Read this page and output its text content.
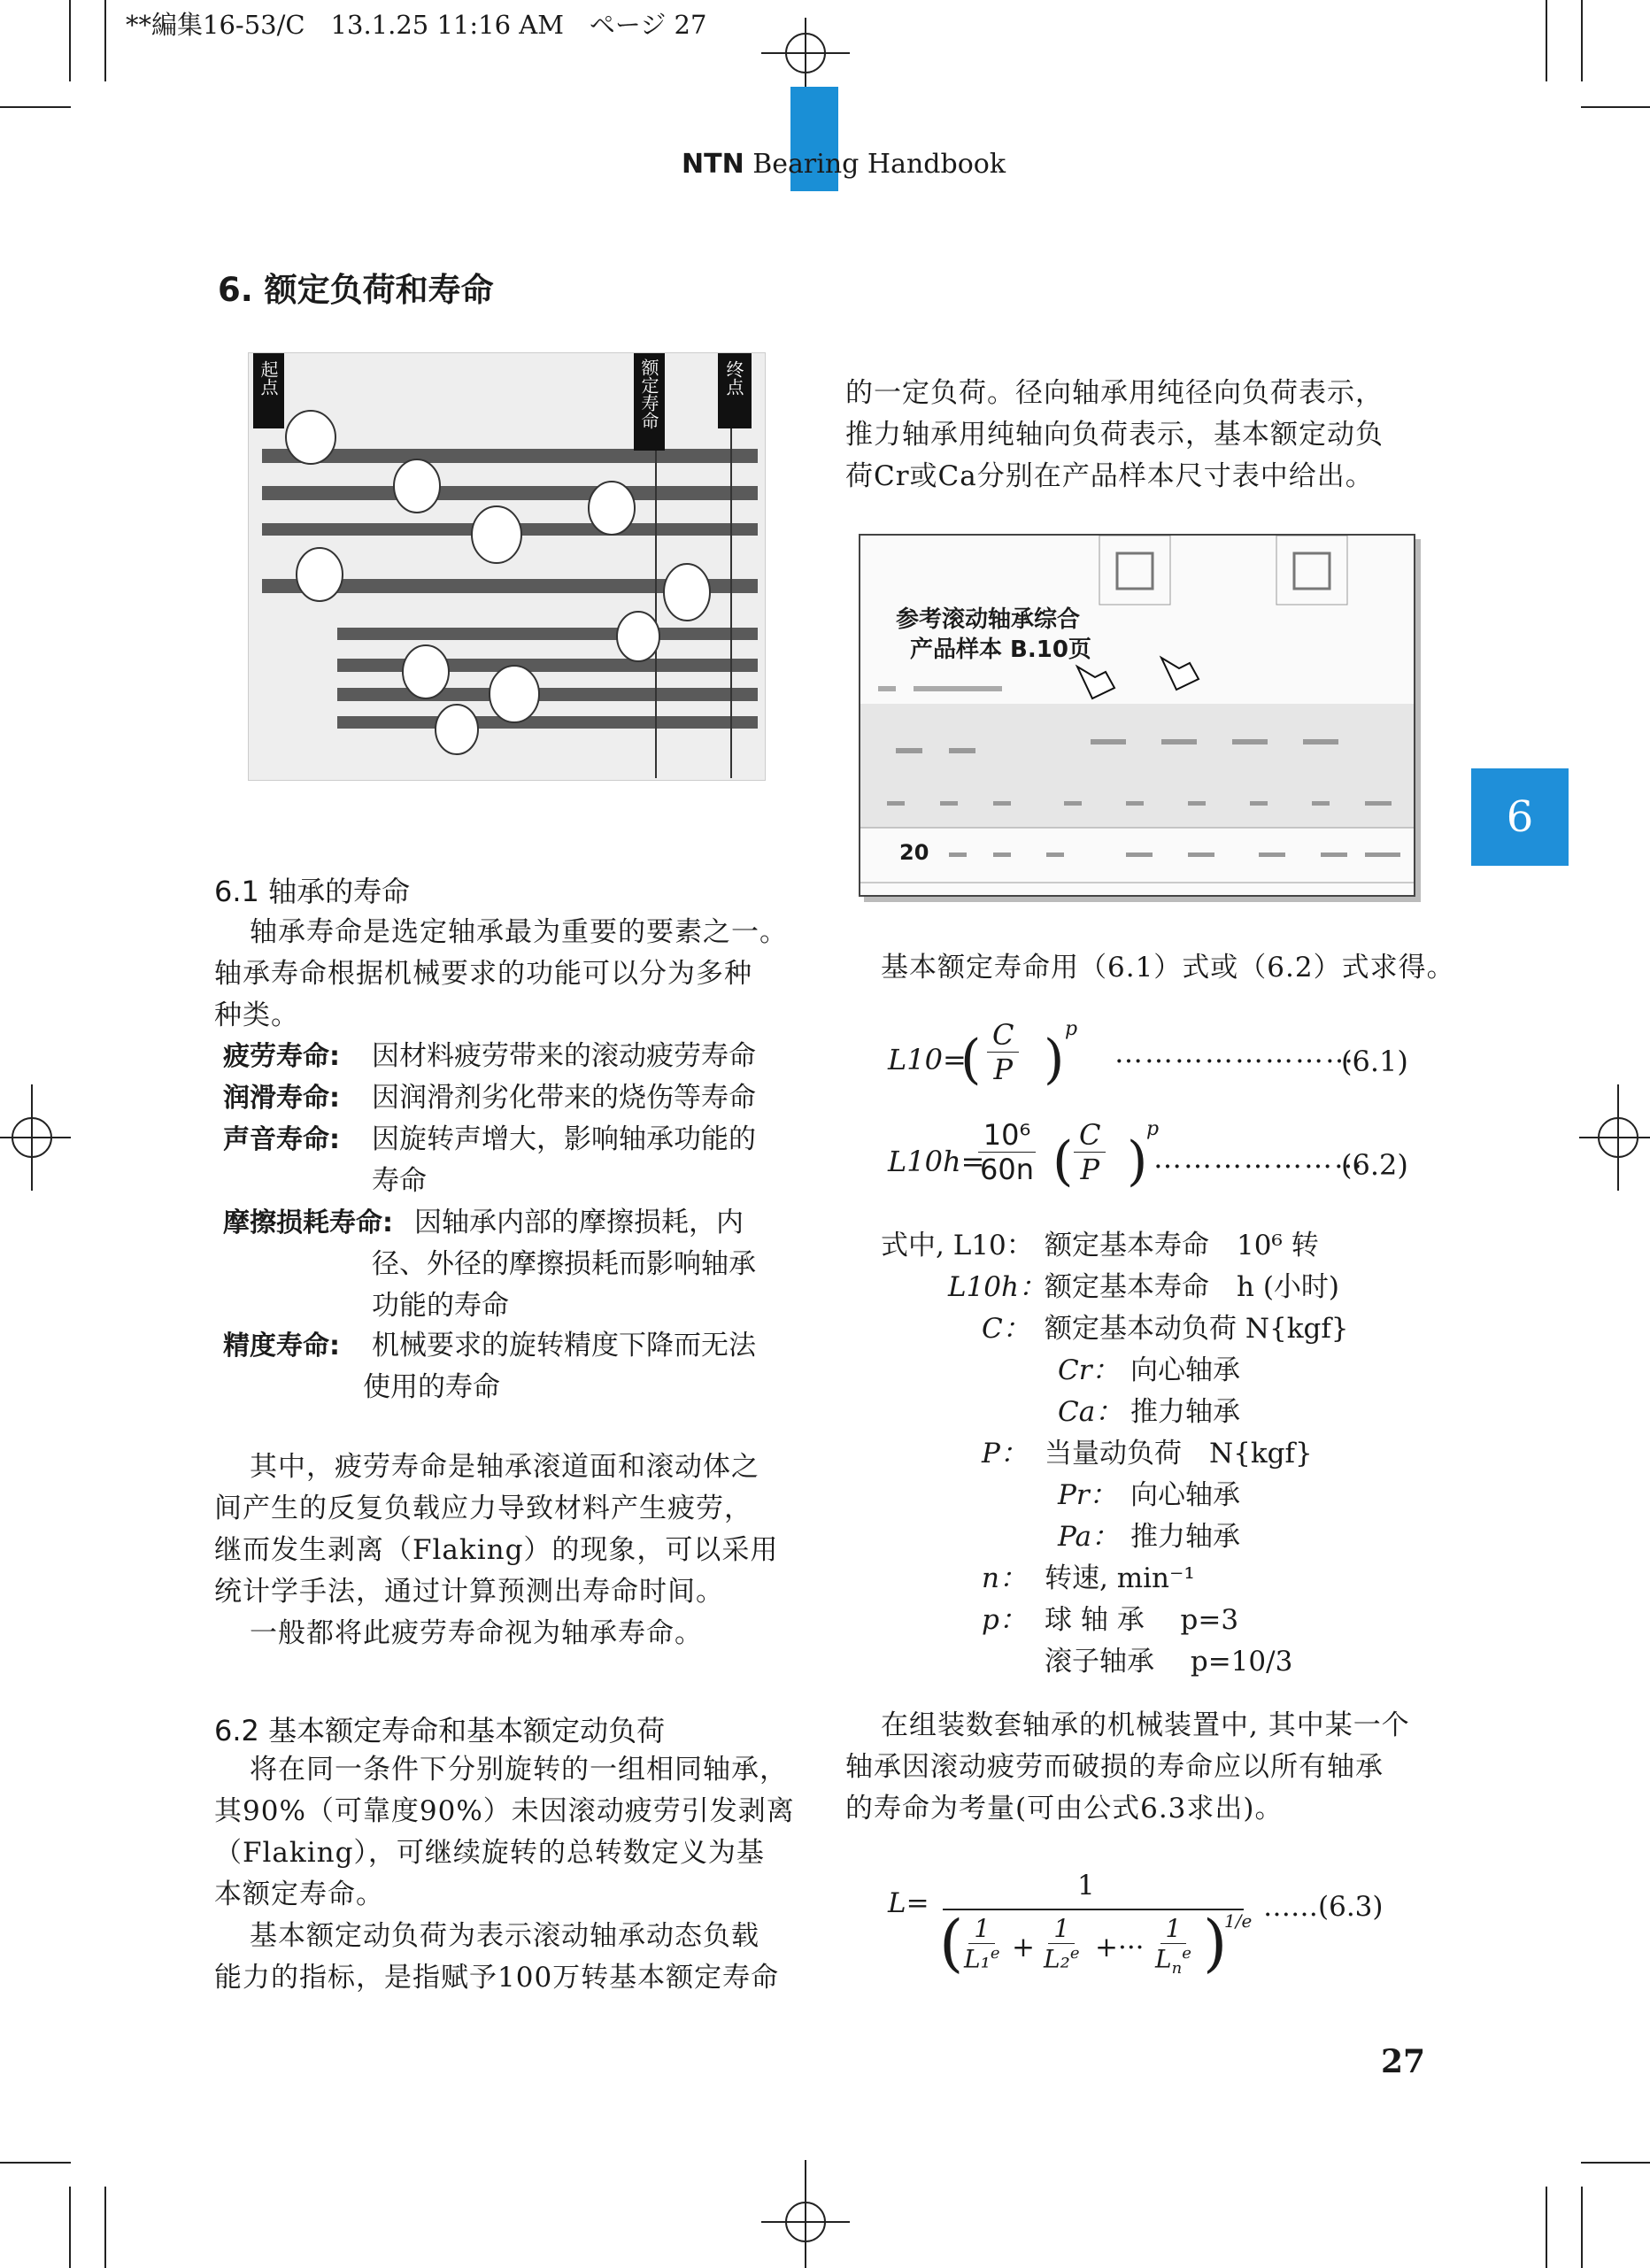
**編集16-53/C　13.1.25 11:16 AM　ページ 27
NTN Bearing Handbook
6
6. 额定负荷和寿命
起点	额定寿命	终点
6.1 轴承的寿命
轴承寿命是选定轴承最为重要的要素之一。
轴承寿命根据机械要求的功能可以分为多种
种类。
疲劳寿命: 因材料疲劳带来的滚动疲劳寿命
润滑寿命: 因润滑剂劣化带来的烧伤等寿命
声音寿命: 因旋转声增大，影响轴承功能的
寿命
摩擦损耗寿命: 因轴承内部的摩擦损耗，内
径、外径的摩擦损耗而影响轴承
功能的寿命
精度寿命: 机械要求的旋转精度下降而无法
使用的寿命
其中，疲劳寿命是轴承滚道面和滚动体之
间产生的反复负载应力导致材料产生疲劳，
继而发生剥离（Flaking）的现象，可以采用
统计学手法，通过计算预测出寿命时间。
一般都将此疲劳寿命视为轴承寿命。
6.2 基本额定寿命和基本额定动负荷
将在同一条件下分别旋转的一组相同轴承，
其90%（可靠度90%）未因滚动疲劳引发剥离
（Flaking），可继续旋转的总转数定义为基
本额定寿命。
基本额定动负荷为表示滚动轴承动态负载
能力的指标，是指赋予100万转基本额定寿命
的一定负荷。径向轴承用纯径向负荷表示，
推力轴承用纯轴向负荷表示，基本额定动负
荷Cr或Ca分别在产品样本尺寸表中给出。
参考滚动轴承综合
产品样本 B.10页
20
基本额定寿命用（6.1）式或（6.2）式求得。
L10=
( $\frac{C}{P}$ ) p
……………………
(6.1)
L10h=
$\frac{\text{10⁶}}{60n}$ ( $\frac{C}{P}$ )
p
…………………
(6.2)
式中, L10： 额定基本寿命　10⁶ 转
L10h：
额定基本寿命　h (小时)
C： 额定基本动负荷 N{kgf}
Cr： 向心轴承
Ca： 推力轴承
P： 当量动负荷　N{kgf}
Pr： 向心轴承
Pa： 推力轴承
n： 转速, min⁻¹
p： 球 轴 承　 p=3
滚子轴承　 p=10/3
在组装数套轴承的机械装置中, 其中某一个
轴承因滚动疲劳而破损的寿命应以所有轴承
的寿命为考量(可由公式6.3求出)。
L=
1
(
$\frac{1}{L_1^e} + \frac{1}{L_2^e}$ +···
1
$L_n^e$ )
1/e ……(6.3)
27
